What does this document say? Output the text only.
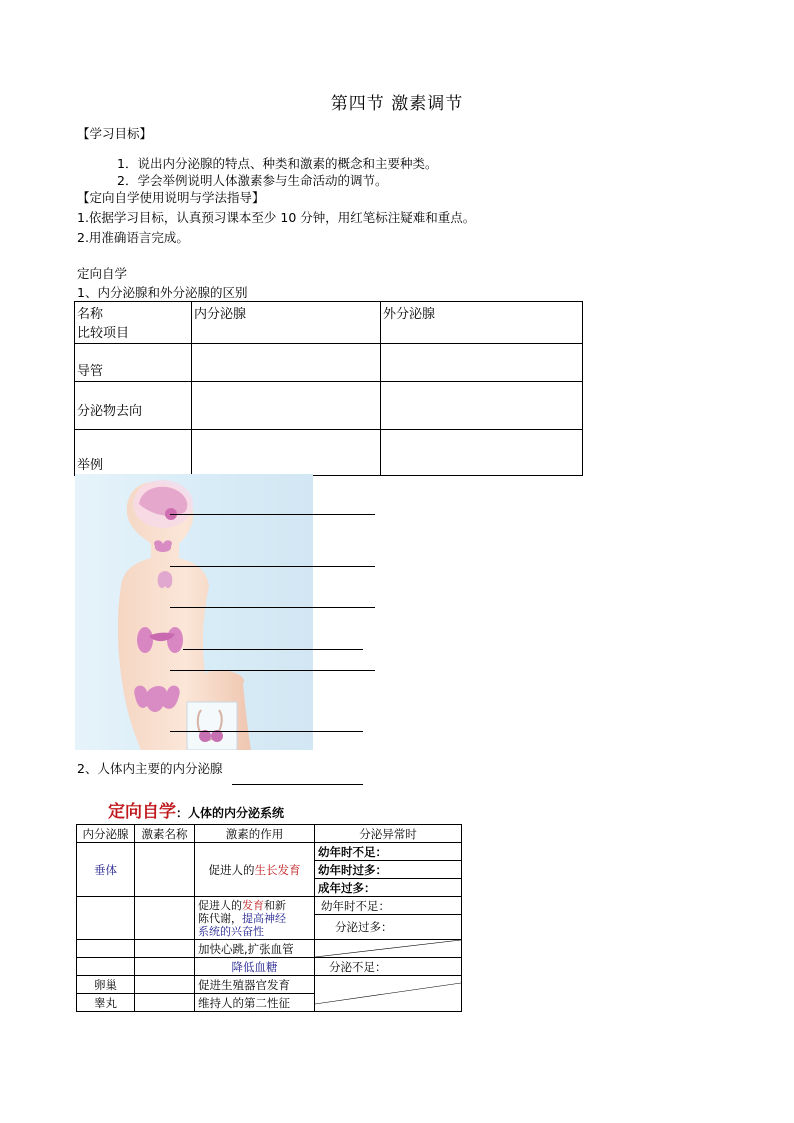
第四节 激素调节
【学习目标】
1．说出内分泌腺的特点、种类和激素的概念和主要种类。
2．学会举例说明人体激素参与生命活动的调节。
【定向自学使用说明与学法指导】
1.依据学习目标，认真预习课本至少 10 分钟，用红笔标注疑难和重点。
2.用准确语言完成。
定向自学
1、内分泌腺和外分泌腺的区别
名称
比较项目	内分泌腺	外分泌腺
导管		
分泌物去向		
举例		
2、人体内主要的内分泌腺
定向自学：人体的内分泌系统
内分泌腺	激素名称	激素的作用	分泌异常时
垂体		促进人的生长发育	幼年时不足：
			幼年时过多：
			成年过多：
		促进人的发育和新
陈代谢，提高神经
系统的兴奋性	幼年时不足：
			分泌过多：
		加快心跳,扩张血管	

		降低血糖	分泌不足：
卵巢		促进生殖器官发育	

睾丸		维持人的第二性征	
